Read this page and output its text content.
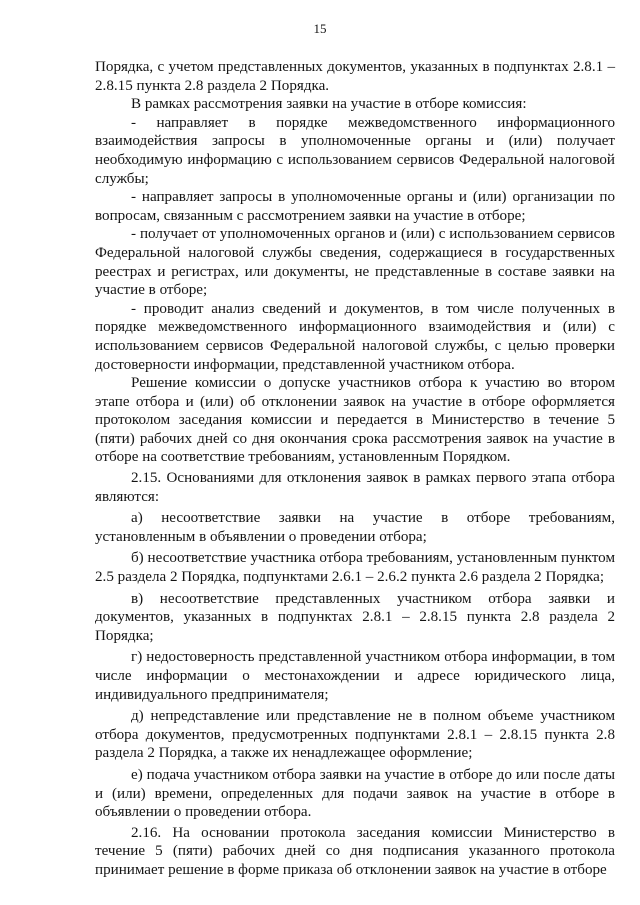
15

Порядка, с учетом представленных документов, указанных в подпунктах 2.8.1 – 2.8.15 пункта 2.8 раздела 2 Порядка.

В рамках рассмотрения заявки на участие в отборе комиссия:

- направляет в порядке межведомственного информационного взаимодействия запросы в уполномоченные органы и (или) получает необходимую информацию с использованием сервисов Федеральной налоговой службы;

- направляет запросы в уполномоченные органы и (или) организации по вопросам, связанным с рассмотрением заявки на участие в отборе;

- получает от уполномоченных органов и (или) с использованием сервисов Федеральной налоговой службы сведения, содержащиеся в государственных реестрах и регистрах, или документы, не представленные в составе заявки на участие в отборе;

- проводит анализ сведений и документов, в том числе полученных в порядке межведомственного информационного взаимодействия и (или) с использованием сервисов Федеральной налоговой службы, с целью проверки достоверности информации, представленной участником отбора.

Решение комиссии о допуске участников отбора к участию во втором этапе отбора и (или) об отклонении заявок на участие в отборе оформляется протоколом заседания комиссии и передается в Министерство в течение 5 (пяти) рабочих дней со дня окончания срока рассмотрения заявок на участие в отборе на соответствие требованиям, установленным Порядком.

2.15. Основаниями для отклонения заявок в рамках первого этапа отбора являются:

а) несоответствие заявки на участие в отборе требованиям, установленным в объявлении о проведении отбора;

б) несоответствие участника отбора требованиям, установленным пунктом 2.5 раздела 2 Порядка, подпунктами 2.6.1 – 2.6.2 пункта 2.6 раздела 2 Порядка;

в) несоответствие представленных участником отбора заявки и документов, указанных в подпунктах 2.8.1 – 2.8.15 пункта 2.8 раздела 2 Порядка;

г) недостоверность представленной участником отбора информации, в том числе информации о местонахождении и адресе юридического лица, индивидуального предпринимателя;

д) непредставление или представление не в полном объеме участником отбора документов, предусмотренных подпунктами 2.8.1 – 2.8.15 пункта 2.8 раздела 2 Порядка, а также их ненадлежащее оформление;

е) подача участником отбора заявки на участие в отборе до или после даты и (или) времени, определенных для подачи заявок на участие в отборе в объявлении о проведении отбора.

2.16. На основании протокола заседания комиссии Министерство в течение 5 (пяти) рабочих дней со дня подписания указанного протокола принимает решение в форме приказа об отклонении заявок на участие в отборе
